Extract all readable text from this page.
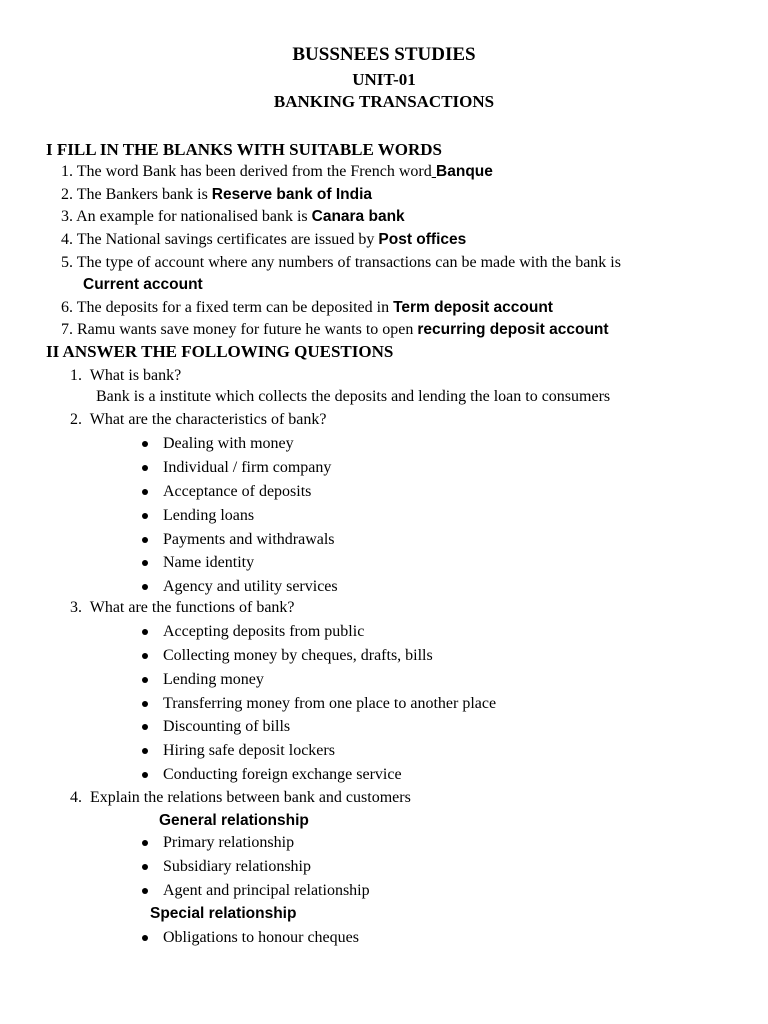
BUSSNEES STUDIES
UNIT-01
BANKING TRANSACTIONS
I FILL IN THE BLANKS WITH SUITABLE WORDS
1. The word Bank has been derived from the French word Banque
2. The Bankers bank is Reserve bank of India
3. An example for nationalised bank is Canara bank
4. The National savings certificates are issued by Post offices
5. The type of account where any numbers of transactions can be made with the bank is
Current account
6. The deposits for a fixed term can be deposited in Term deposit account
7. Ramu wants save money for future he wants to open recurring deposit account
II ANSWER THE FOLLOWING QUESTIONS
1. What is bank?
Bank is a institute which collects the deposits and lending the loan to consumers
2. What are the characteristics of bank?
Dealing with money
Individual / firm company
Acceptance of deposits
Lending loans
Payments and withdrawals
Name identity
Agency and utility services
3. What are the functions of bank?
Accepting deposits from public
Collecting money by cheques, drafts, bills
Lending money
Transferring money from one place to another place
Discounting of bills
Hiring safe deposit lockers
Conducting foreign exchange service
4. Explain the relations between bank and customers
General relationship
Primary relationship
Subsidiary relationship
Agent and principal relationship
Special relationship
Obligations to honour cheques
